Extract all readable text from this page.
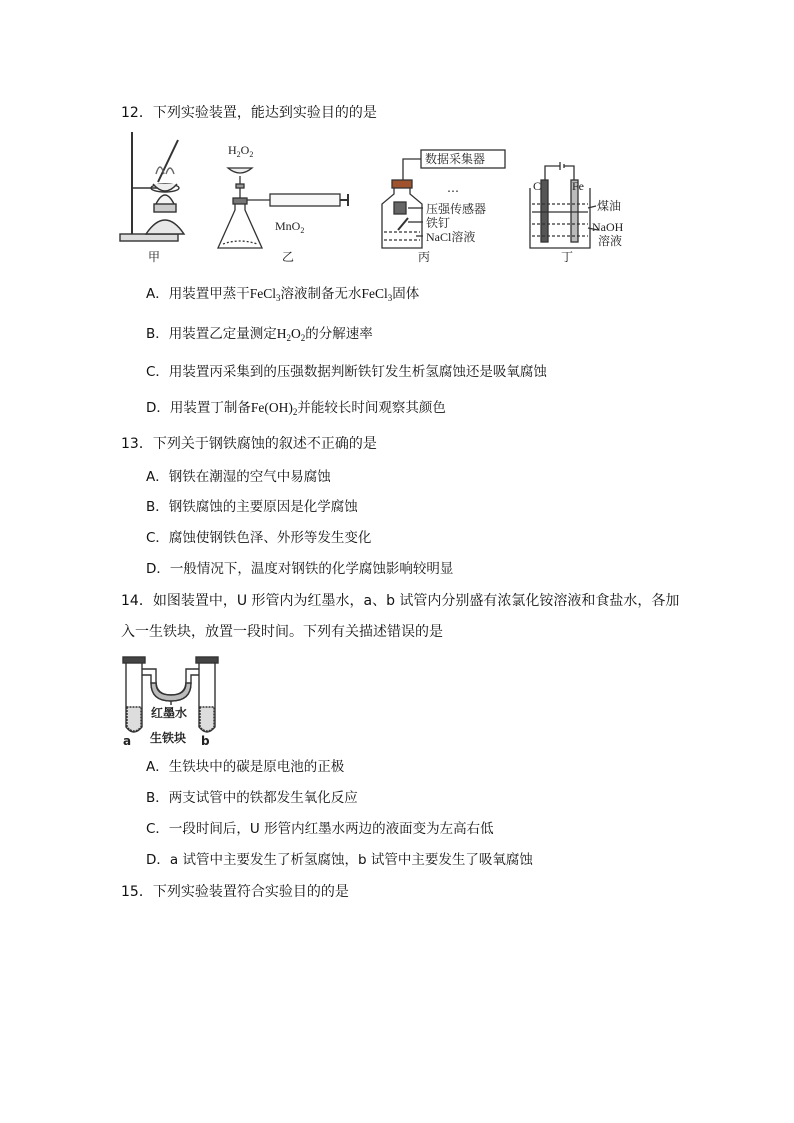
12．下列实验装置，能达到实验目的的是
甲
$H_2O_2$
MnO$_2$
乙
数据采集器
…
压强传感器
铁钉
NaCl溶液
丙
C	Fe
煤油
NaOH
溶液
丁
A．用装置甲蒸干FeCl$_3$溶液制备无水FeCl$_3$固体
B．用装置乙定量测定$H_2O_2$的分解速率
C．用装置丙采集到的压强数据判断铁钉发生析氢腐蚀还是吸氧腐蚀
D．用装置丁制备$Fe(OH)_2$并能较长时间观察其颜色
13．下列关于钢铁腐蚀的叙述不正确的是
A．钢铁在潮湿的空气中易腐蚀
B．钢铁腐蚀的主要原因是化学腐蚀
C．腐蚀使钢铁色泽、外形等发生变化
D．一般情况下，温度对钢铁的化学腐蚀影响较明显
14．如图装置中，U 形管内为红墨水，a、b 试管内分别盛有浓氯化铵溶液和食盐水，各加
入一生铁块，放置一段时间。下列有关描述错误的是
红墨水
a 生铁块 b
A．生铁块中的碳是原电池的正极
B．两支试管中的铁都发生氧化反应
C．一段时间后，U 形管内红墨水两边的液面变为左高右低
D．a 试管中主要发生了析氢腐蚀，b 试管中主要发生了吸氧腐蚀
15．下列实验装置符合实验目的的是
